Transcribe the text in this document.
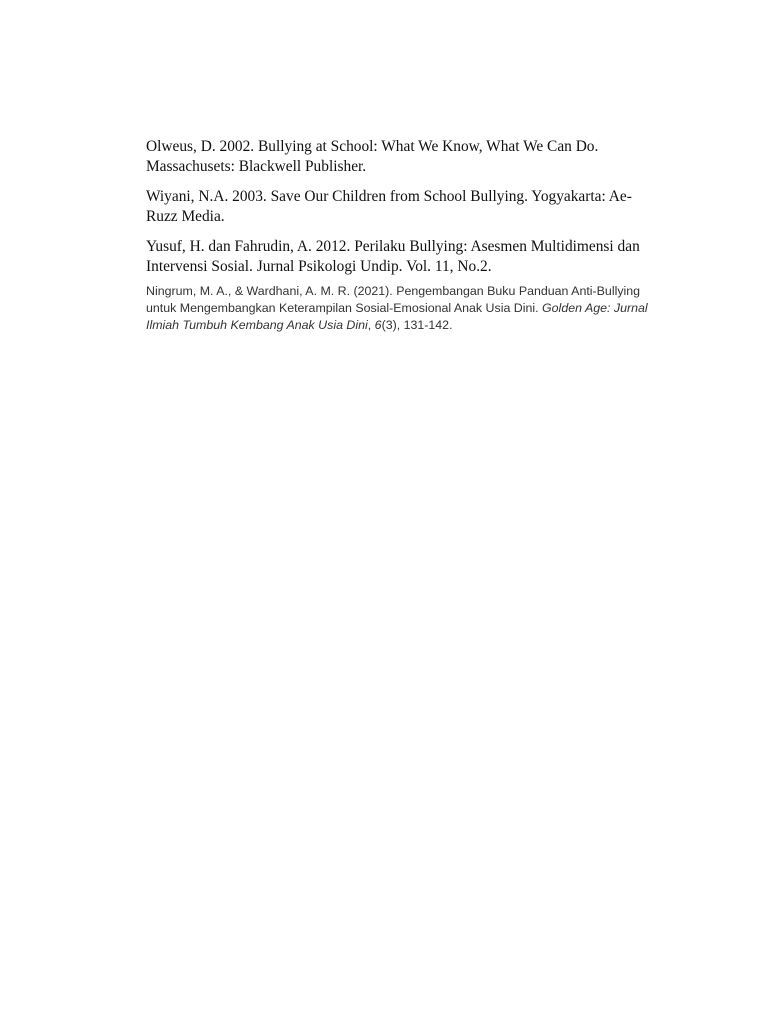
Olweus, D. 2002. Bullying at School: What We Know, What We Can Do. Massachusets: Blackwell Publisher.

Wiyani, N.A. 2003. Save Our Children from School Bullying. Yogyakarta: Ae-Ruzz Media.

Yusuf, H. dan Fahrudin, A. 2012. Perilaku Bullying: Asesmen Multidimensi dan Intervensi Sosial. Jurnal Psikologi Undip. Vol. 11, No.2.

Ningrum, M. A., & Wardhani, A. M. R. (2021). Pengembangan Buku Panduan Anti-Bullying untuk Mengembangkan Keterampilan Sosial-Emosional Anak Usia Dini. Golden Age: Jurnal Ilmiah Tumbuh Kembang Anak Usia Dini, 6(3), 131-142.
